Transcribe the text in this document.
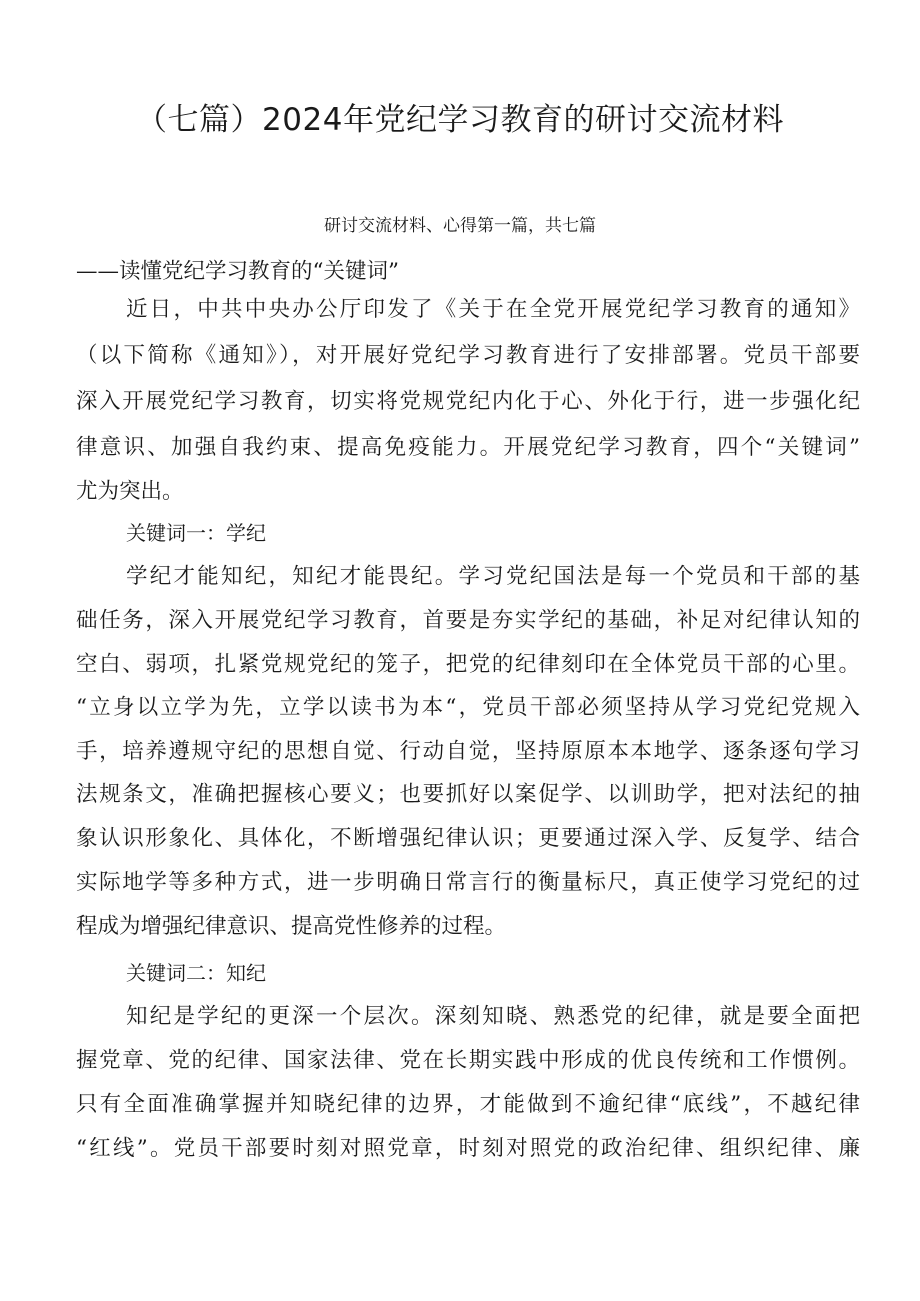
（七篇）2024年党纪学习教育的研讨交流材料
研讨交流材料、心得第一篇，共七篇
——读懂党纪学习教育的“关键词”
近日，中共中央办公厅印发了《关于在全党开展党纪学习教育的通知》
（以下简称《通知》），对开展好党纪学习教育进行了安排部署。党员干部要
深入开展党纪学习教育，切实将党规党纪内化于心、外化于行，进一步强化纪
律意识、加强自我约束、提高免疫能力。开展党纪学习教育，四个“关键词”
尤为突出。
关键词一：学纪
学纪才能知纪，知纪才能畏纪。学习党纪国法是每一个党员和干部的基
础任务，深入开展党纪学习教育，首要是夯实学纪的基础，补足对纪律认知的
空白、弱项，扎紧党规党纪的笼子，把党的纪律刻印在全体党员干部的心里。
“立身以立学为先，立学以读书为本“，党员干部必须坚持从学习党纪党规入
手，培养遵规守纪的思想自觉、行动自觉，坚持原原本本地学、逐条逐句学习
法规条文，准确把握核心要义；也要抓好以案促学、以训助学，把对法纪的抽
象认识形象化、具体化，不断增强纪律认识；更要通过深入学、反复学、结合
实际地学等多种方式，进一步明确日常言行的衡量标尺，真正使学习党纪的过
程成为增强纪律意识、提高党性修养的过程。
关键词二：知纪
知纪是学纪的更深一个层次。深刻知晓、熟悉党的纪律，就是要全面把
握党章、党的纪律、国家法律、党在长期实践中形成的优良传统和工作惯例。
只有全面准确掌握并知晓纪律的边界，才能做到不逾纪律“底线”，不越纪律
“红线”。党员干部要时刻对照党章，时刻对照党的政治纪律、组织纪律、廉
